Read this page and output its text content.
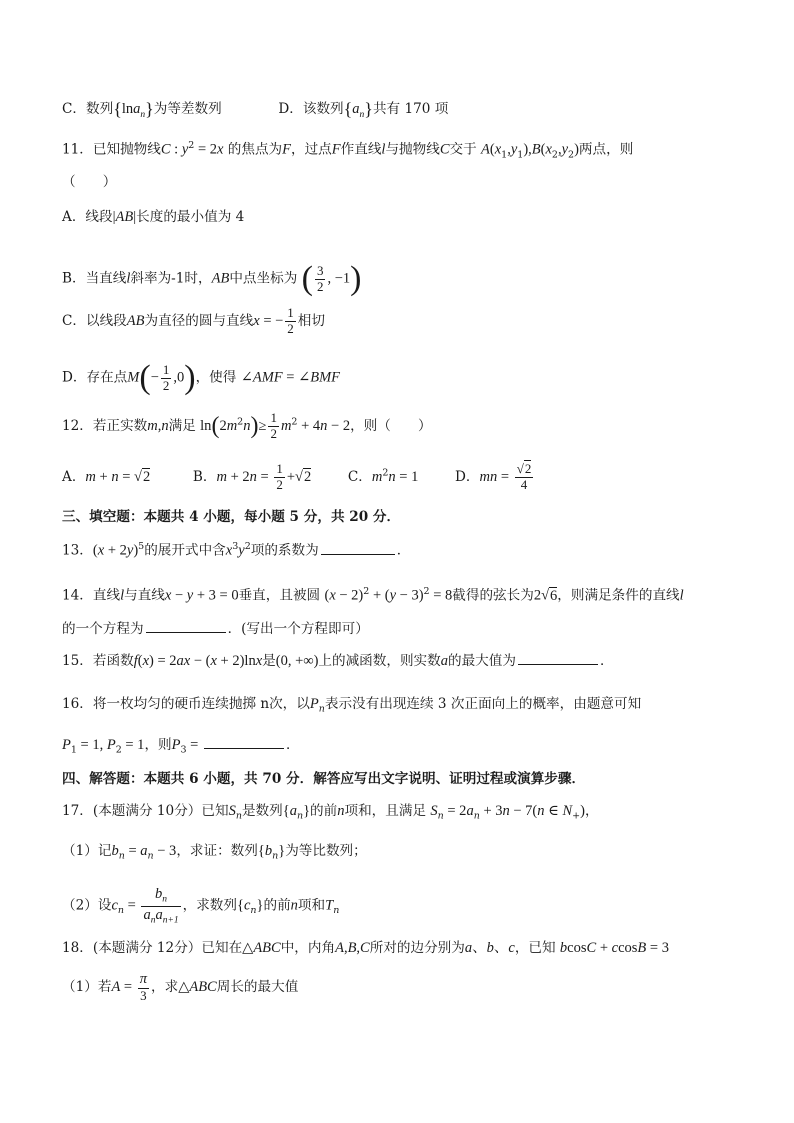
C．数列{lna$_n$}为等差数列	D．该数列$\{a_n\}$共有 170 项
11．已知抛物线C : $y^2 = 2x$ 的焦点为F，过点F作直线l与抛物线C交于 $A(x_1,y_1),B(x_2,y_2)$两点，则
（　　）
A．线段|AB|长度的最小值为 4
B．当直线l斜率为-1时，AB中点坐标为 ( $\frac{3}{2}$ , −1)
C．以线段AB为直径的圆与直线x = − $\frac{1}{2}$ 相切
D．存在点$M(- \frac{1}{2} ,0)$，使得 ∠AMF = ∠BMF
12．若正实数m,n满足 $\ln(2m^2n)\ge \frac{1}{2} m^2 + 4n - 2$，则（　　）
A．m + n = √2	B．$m + 2n = \frac{1}{2} +√2$	C．$m^2n = 1$	D．mn = $\frac{√2}{4}$
三、填空题：本题共 4 小题，每小题 5 分，共 20 分．
13．$(x + 2y)^5$的展开式中含$x^3y^2$项的系数为	．
14．直线l与直线x − y + 3 = 0垂直，且被圆 $(x - 2)^2 + (y - 3)^2 = 8$截得的弦长为2√6，则满足条件的直线l
的一个方程为	．(写出一个方程即可）
15．若函数f(x) = 2ax − (x + 2)lnx是(0, +∞)上的减函数，则实数a的最大值为	．
16．将一枚均匀的硬币连续抛掷 n次，以$P_n$表示没有出现连续 3 次正面向上的概率，由题意可知
$P_1 = 1$, $P_2 = 1$，则$P_3$ =	．
四、解答题：本题共 6 小题，共 70 分．解答应写出文字说明、证明过程或演算步骤．
17．(本题满分 10分）已知$S_n$是数列$\{a_n\}$的前n项和，且满足 $S_n = 2a_n + 3n - 7(n$ ∈ $N_+$)，
（1）记$b_n = a_n - 3$，求证：数列$\{b_n\}$为等比数列；
（2）设$c_n = \frac{b_n}{a_na_{n+1}}$ ，求数列$\{c_n\}$的前n项和$T_n$
18．(本题满分 12分）已知在△ABC中，内角A,B,C所对的边分别为a、b、c，已知 bcosC + ccosB = 3
（1）若$A = \frac{\pi}{3}$ ，求△ABC周长的最大值
